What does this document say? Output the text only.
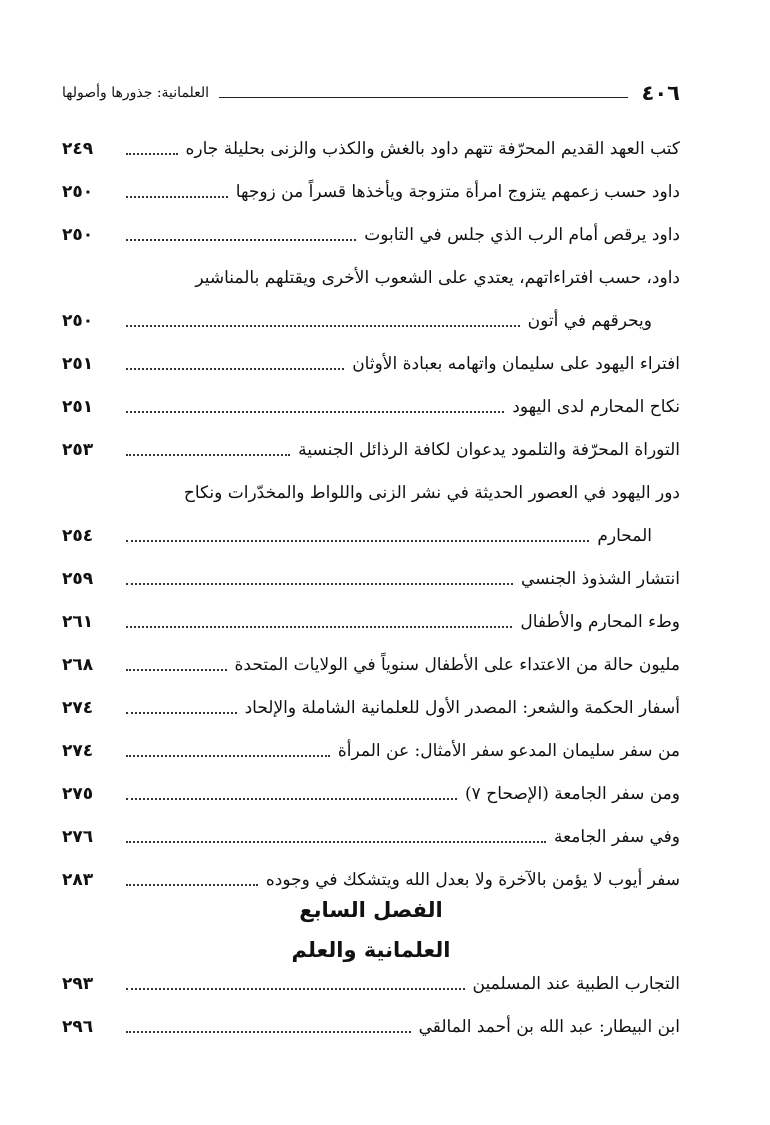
٤٠٦
العلمانية: جذورها وأصولها
كتب العهد القديم المحرّفة تتهم داود بالغش والكذب والزنى بحليلة جاره
٢٤٩
داود حسب زعمهم يتزوج امرأة متزوجة ويأخذها قسراً من زوجها
٢٥٠
داود يرقص أمام الرب الذي جلس في التابوت
٢٥٠
داود، حسب افتراءاتهم، يعتدي على الشعوب الأخرى ويقتلهم بالمناشير
ويحرقهم في أتون
٢٥٠
افتراء اليهود على سليمان واتهامه بعبادة الأوثان
٢٥١
نكاح المحارم لدى اليهود
٢٥١
التوراة المحرّفة والتلمود يدعوان لكافة الرذائل الجنسية
٢٥٣
دور اليهود في العصور الحديثة في نشر الزنى واللواط والمخدّرات ونكاح
المحارم
٢٥٤
انتشار الشذوذ الجنسي
٢٥٩
وطء المحارم والأطفال
٢٦١
مليون حالة من الاعتداء على الأطفال سنوياً في الولايات المتحدة
٢٦٨
أسفار الحكمة والشعر: المصدر الأول للعلمانية الشاملة والإلحاد
٢٧٤
من سفر سليمان المدعو سفر الأمثال: عن المرأة
٢٧٤
ومن سفر الجامعة (الإصحاح ٧)
٢٧٥
وفي سفر الجامعة
٢٧٦
سفر أيوب لا يؤمن بالآخرة ولا بعدل الله ويتشكك في وجوده
٢٨٣
الفصل السابع
العلمانية والعلم
التجارب الطبية عند المسلمين
٢٩٣
ابن البيطار: عبد الله بن أحمد المالقي
٢٩٦
